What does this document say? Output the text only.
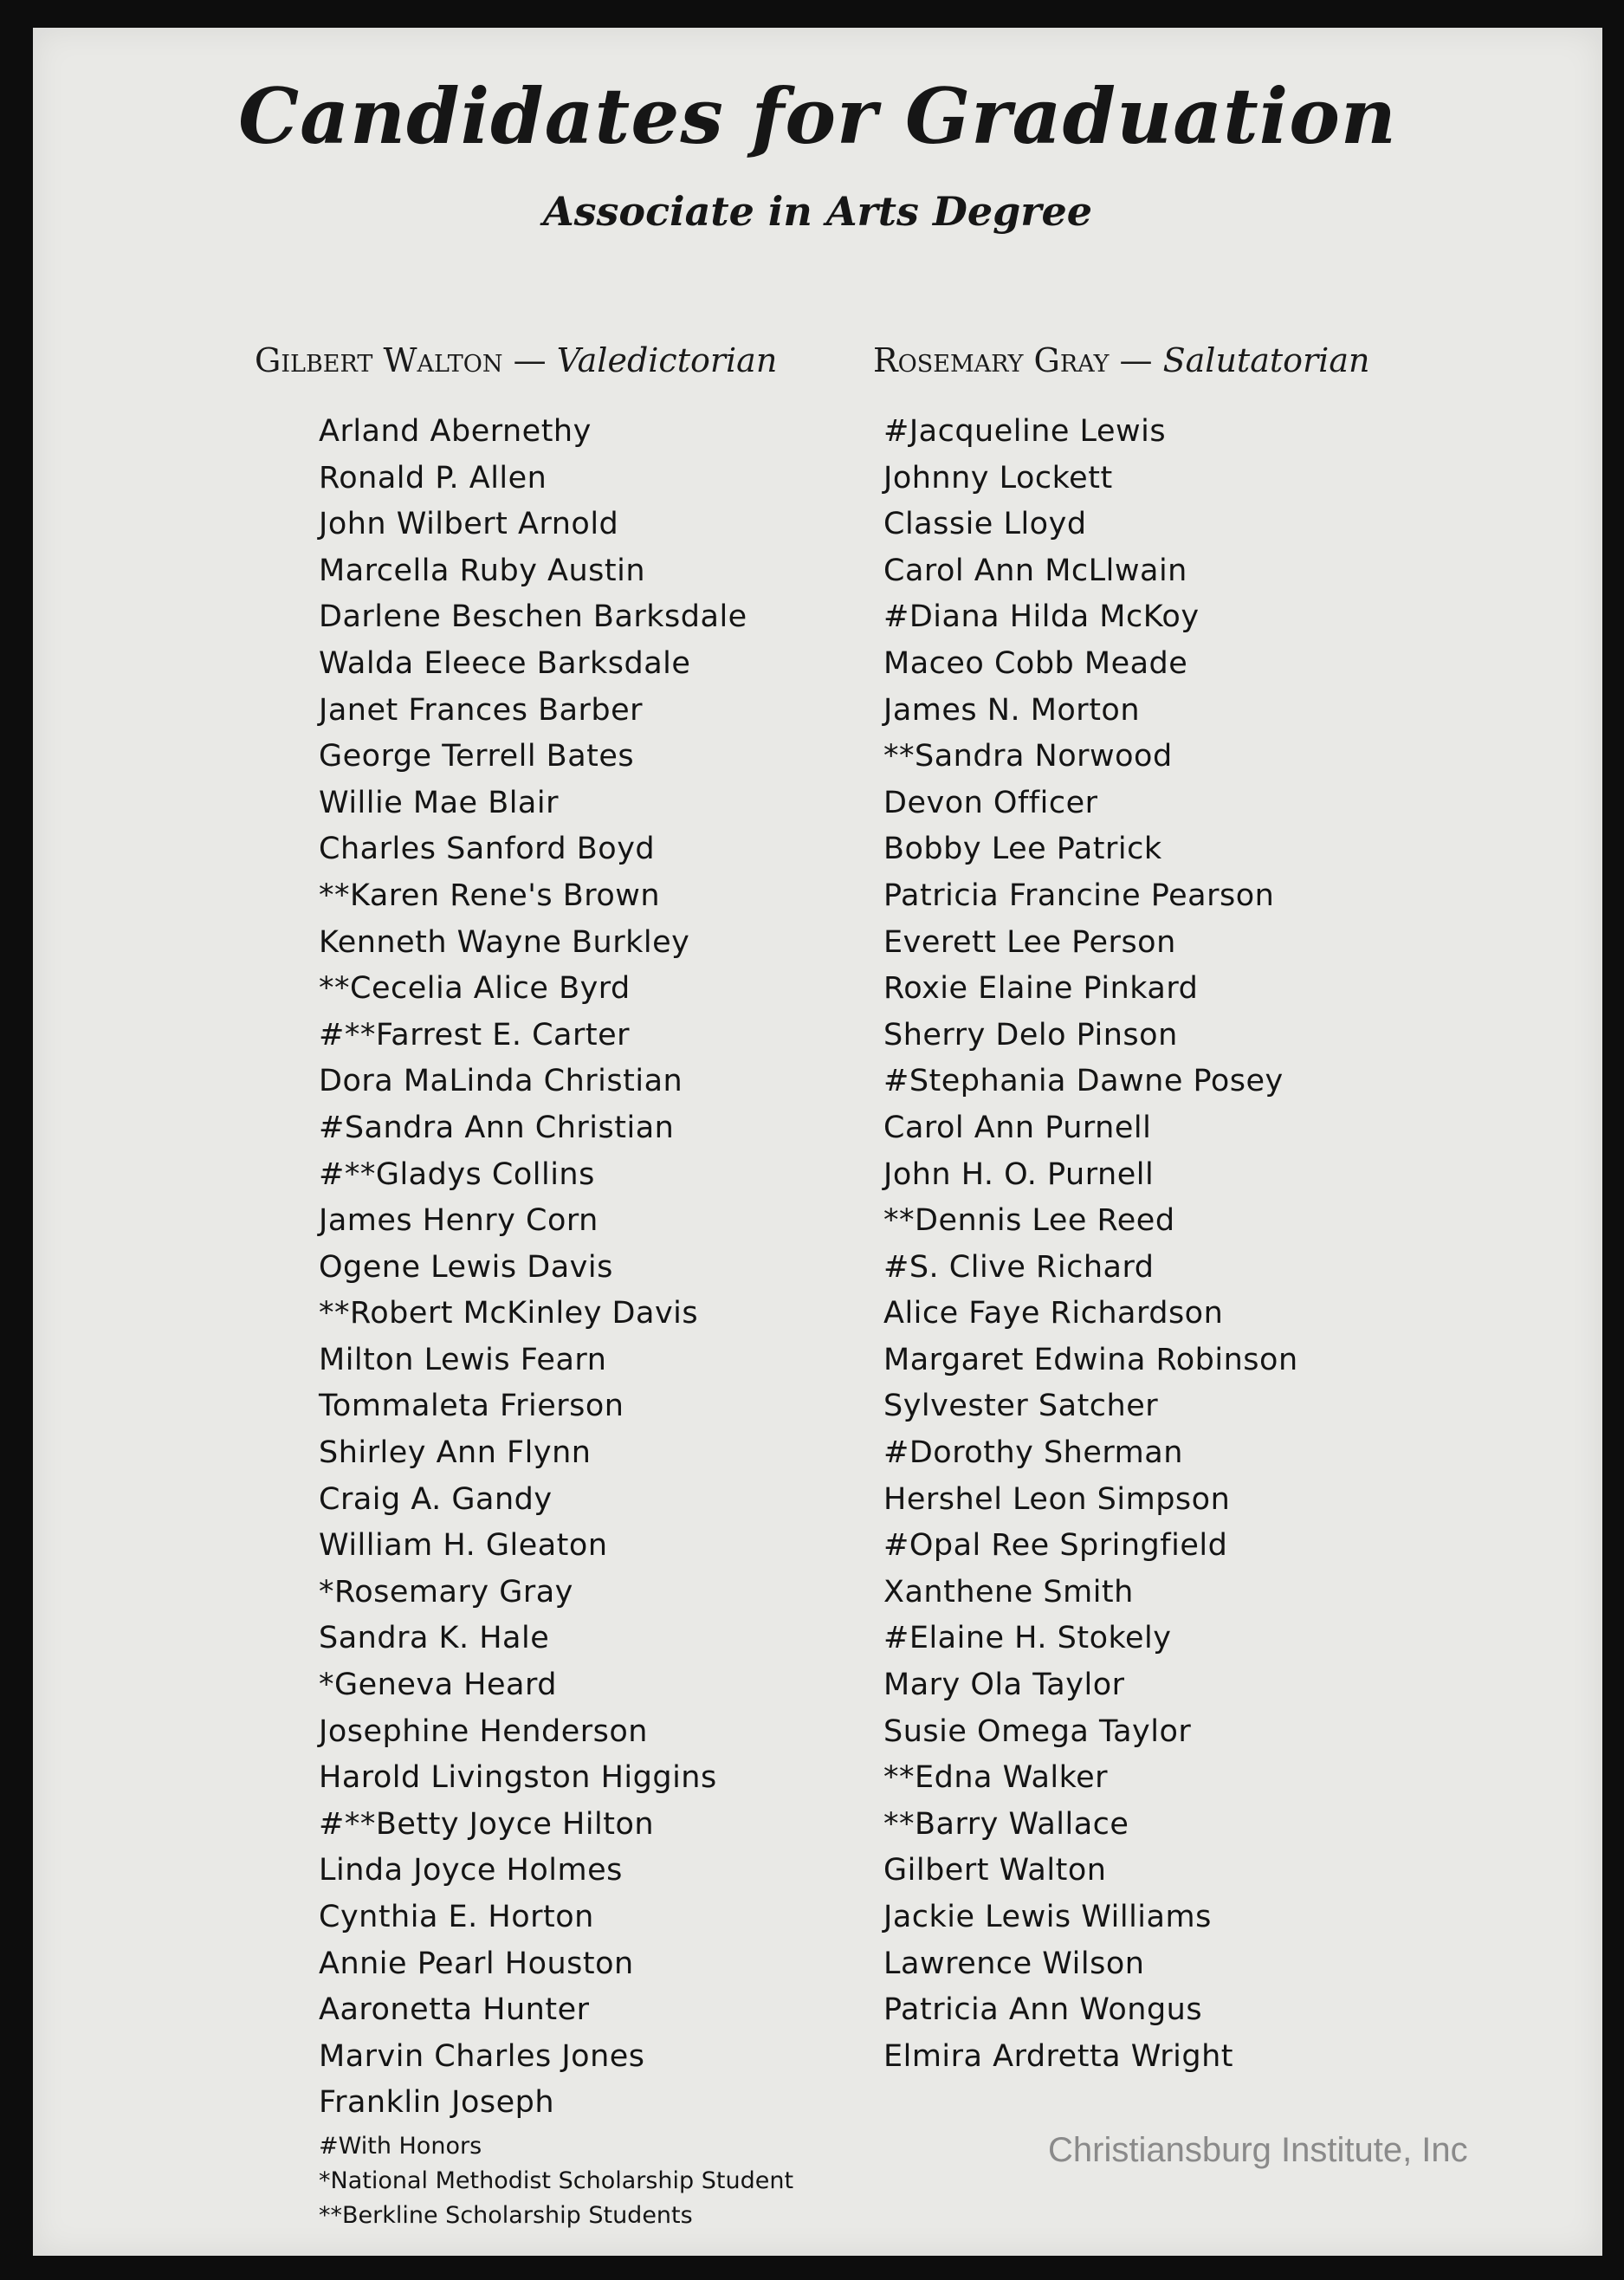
Candidates for Graduation
Associate in Arts Degree
Gilbert Walton — Valedictorian	Rosemary Gray — Salutatorian
Arland Abernethy
Ronald P. Allen
John Wilbert Arnold
Marcella Ruby Austin
Darlene Beschen Barksdale
Walda Eleece Barksdale
Janet Frances Barber
George Terrell Bates
Willie Mae Blair
Charles Sanford Boyd
**Karen Rene's Brown
Kenneth Wayne Burkley
**Cecelia Alice Byrd
#**Farrest E. Carter
Dora MaLinda Christian
#Sandra Ann Christian
#**Gladys Collins
James Henry Corn
Ogene Lewis Davis
**Robert McKinley Davis
Milton Lewis Fearn
Tommaleta Frierson
Shirley Ann Flynn
Craig A. Gandy
William H. Gleaton
*Rosemary Gray
Sandra K. Hale
*Geneva Heard
Josephine Henderson
Harold Livingston Higgins
#**Betty Joyce Hilton
Linda Joyce Holmes
Cynthia E. Horton
Annie Pearl Houston
Aaronetta Hunter
Marvin Charles Jones
Franklin Joseph
#Jacqueline Lewis
Johnny Lockett
Classie Lloyd
Carol Ann McLlwain
#Diana Hilda McKoy
Maceo Cobb Meade
James N. Morton
**Sandra Norwood
Devon Officer
Bobby Lee Patrick
Patricia Francine Pearson
Everett Lee Person
Roxie Elaine Pinkard
Sherry Delo Pinson
#Stephania Dawne Posey
Carol Ann Purnell
John H. O. Purnell
**Dennis Lee Reed
#S. Clive Richard
Alice Faye Richardson
Margaret Edwina Robinson
Sylvester Satcher
#Dorothy Sherman
Hershel Leon Simpson
#Opal Ree Springfield
Xanthene Smith
#Elaine H. Stokely
Mary Ola Taylor
Susie Omega Taylor
**Edna Walker
**Barry Wallace
Gilbert Walton
Jackie Lewis Williams
Lawrence Wilson
Patricia Ann Wongus
Elmira Ardretta Wright
#With Honors
*National Methodist Scholarship Student
**Berkline Scholarship Students
Christiansburg Institute, Inc
